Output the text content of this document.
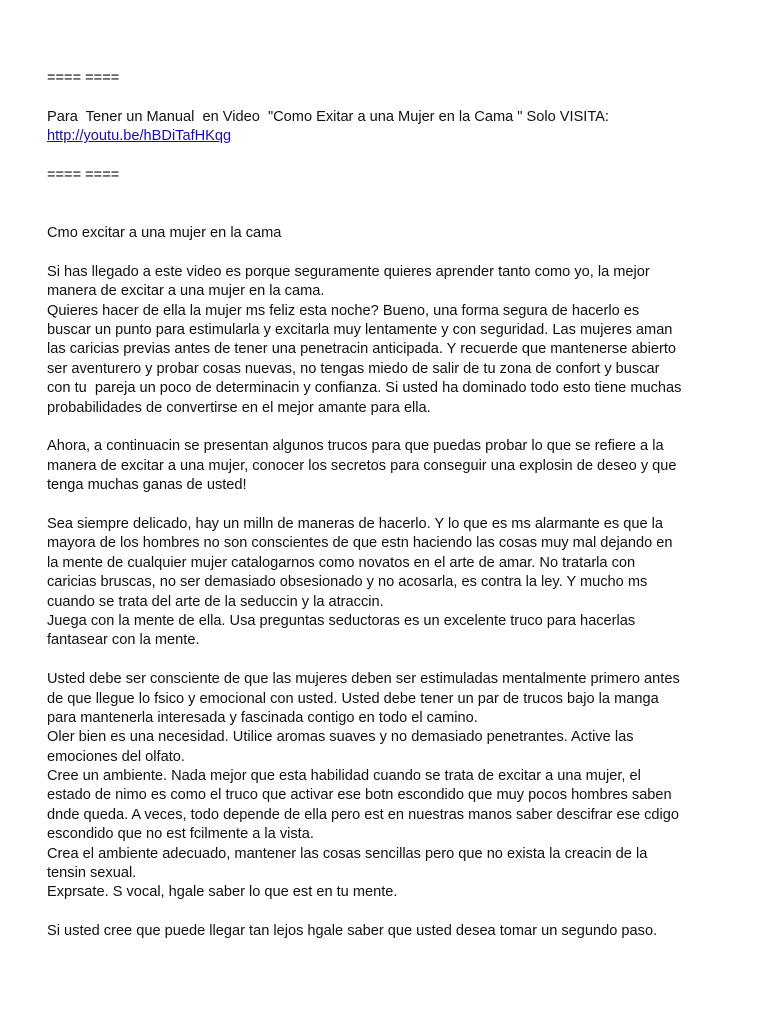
==== ====

Para  Tener un Manual  en Video  "Como Exitar a una Mujer en la Cama " Solo VISITA:

http://youtu.be/hBDiTafHKqg

==== ====

Cmo excitar a una mujer en la cama

Si has llegado a este video es porque seguramente quieres aprender tanto como yo, la mejor

manera de excitar a una mujer en la cama.

Quieres hacer de ella la mujer ms feliz esta noche? Bueno, una forma segura de hacerlo es

buscar un punto para estimularla y excitarla muy lentamente y con seguridad. Las mujeres aman

las caricias previas antes de tener una penetracin anticipada. Y recuerde que mantenerse abierto

ser aventurero y probar cosas nuevas, no tengas miedo de salir de tu zona de confort y buscar

con tu  pareja un poco de determinacin y confianza. Si usted ha dominado todo esto tiene muchas

probabilidades de convertirse en el mejor amante para ella.

Ahora, a continuacin se presentan algunos trucos para que puedas probar lo que se refiere a la

manera de excitar a una mujer, conocer los secretos para conseguir una explosin de deseo y que

tenga muchas ganas de usted!

Sea siempre delicado, hay un milln de maneras de hacerlo. Y lo que es ms alarmante es que la

mayora de los hombres no son conscientes de que estn haciendo las cosas muy mal dejando en

la mente de cualquier mujer catalogarnos como novatos en el arte de amar. No tratarla con

caricias bruscas, no ser demasiado obsesionado y no acosarla, es contra la ley. Y mucho ms

cuando se trata del arte de la seduccin y la atraccin.

Juega con la mente de ella. Usa preguntas seductoras es un excelente truco para hacerlas

fantasear con la mente.

Usted debe ser consciente de que las mujeres deben ser estimuladas mentalmente primero antes

de que llegue lo fsico y emocional con usted. Usted debe tener un par de trucos bajo la manga

para mantenerla interesada y fascinada contigo en todo el camino.

Oler bien es una necesidad. Utilice aromas suaves y no demasiado penetrantes. Active las

emociones del olfato.

Cree un ambiente. Nada mejor que esta habilidad cuando se trata de excitar a una mujer, el

estado de nimo es como el truco que activar ese botn escondido que muy pocos hombres saben

dnde queda. A veces, todo depende de ella pero est en nuestras manos saber descifrar ese cdigo

escondido que no est fcilmente a la vista.

Crea el ambiente adecuado, mantener las cosas sencillas pero que no exista la creacin de la

tensin sexual.

Exprsate. S vocal, hgale saber lo que est en tu mente.

Si usted cree que puede llegar tan lejos hgale saber que usted desea tomar un segundo paso.
